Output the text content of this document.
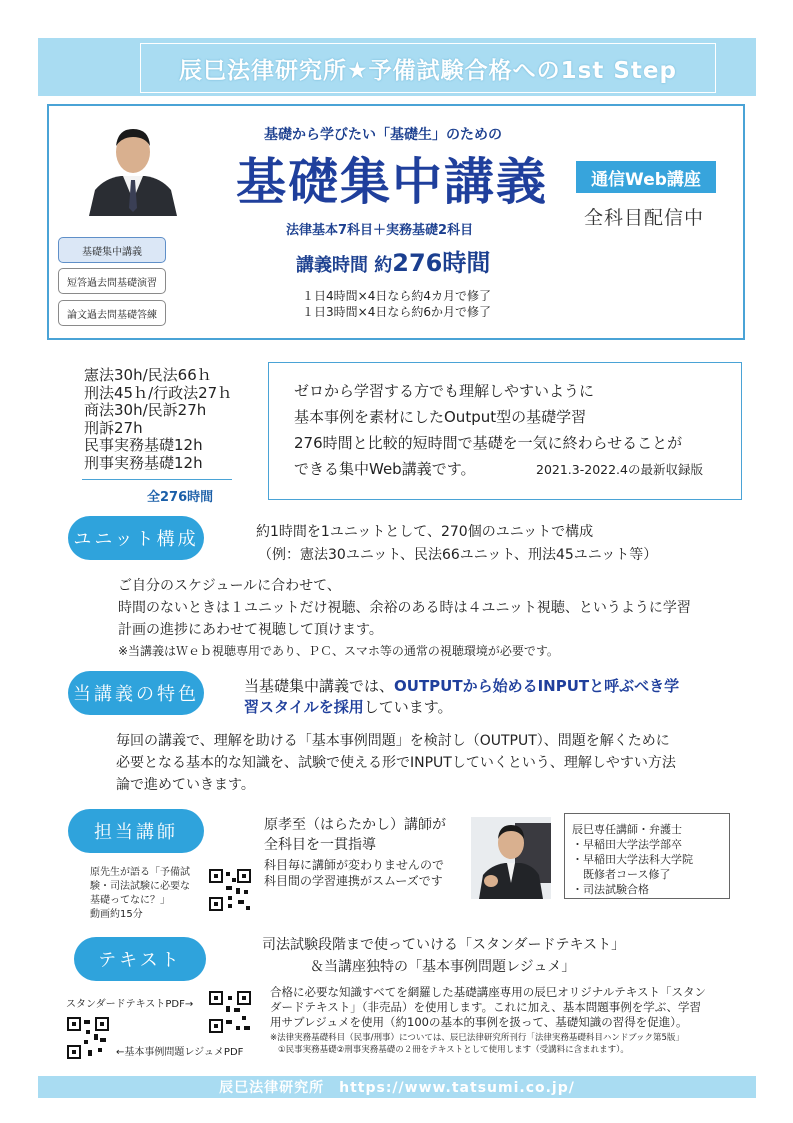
辰巳法律研究所★予備試験合格への1st Step
基礎集中講義
短答過去問基礎演習
論文過去問基礎答練
基礎から学びたい「基礎生」のための
基礎集中講義	通信Web講座
全科目配信中
法律基本7科目＋実務基礎2科目
講義時間 約276時間
１日4時間×4日なら約4カ月で修了
１日3時間×4日なら約6か月で修了
憲法30h/民法66ｈ
刑法45ｈ/行政法27ｈ
商法30h/民訴27h
刑訴27h
民事実務基礎12h
刑事実務基礎12h
全276時間
ゼロから学習する方でも理解しやすいように
基本事例を素材にしたOutput型の基礎学習
276時間と比較的短時間で基礎を一気に終わらせることが
できる集中Web講義です。	2021.3-2022.4の最新収録版
ユニット構成	約1時間を1ユニットとして、270個のユニットで構成
（例：憲法30ユニット、民法66ユニット、刑法45ユニット等）
ご自分のスケジュールに合わせて、
時間のないときは１ユニットだけ視聴、余裕のある時は４ユニット視聴、というように学習
計画の進捗にあわせて視聴して頂けます。
※当講義はＷｅｂ視聴専用であり、ＰＣ、スマホ等の通常の視聴環境が必要です。
当講義の特色	当基礎集中講義では、OUTPUTから始めるINPUTと呼ぶべき学
習スタイルを採用しています。
毎回の講義で、理解を助ける「基本事例問題」を検討し（OUTPUT）、問題を解くために
必要となる基本的な知識を、試験で使える形でINPUTしていくという、理解しやすい方法
論で進めていきます。
担当講師	原孝至（はらたかし）講師が
全科目を一貫指導
科目毎に講師が変わりませんので
科目間の学習連携がスムーズです
原先生が語る「予備試
験・司法試験に必要な
基礎ってなに？」
動画約15分
辰巳専任講師・弁護士
・早稲田大学法学部卒
・早稲田大学法科大学院
　既修者コース修了
・司法試験合格
テキスト
司法試験段階まで使っていける「スタンダードテキスト」
＆当講座独特の「基本事例問題レジュメ」
スタンダードテキストPDF→
←基本事例問題レジュメPDF
合格に必要な知識すべてを網羅した基礎講座専用の辰巳オリジナルテキスト「スタン
ダードテキスト」（非売品）を使用します。これに加え、基本問題事例を学ぶ、学習
用サブレジュメを使用（約100の基本的事例を扱って、基礎知識の習得を促進）。
※法律実務基礎科目（民事/刑事）については、辰巳法律研究所刊行「法律実務基礎科目ハンドブック第5版」
①民事実務基礎②刑事実務基礎の２冊をテキストとして使用します（受講料に含まれます）。
辰巳法律研究所　https://www.tatsumi.co.jp/
